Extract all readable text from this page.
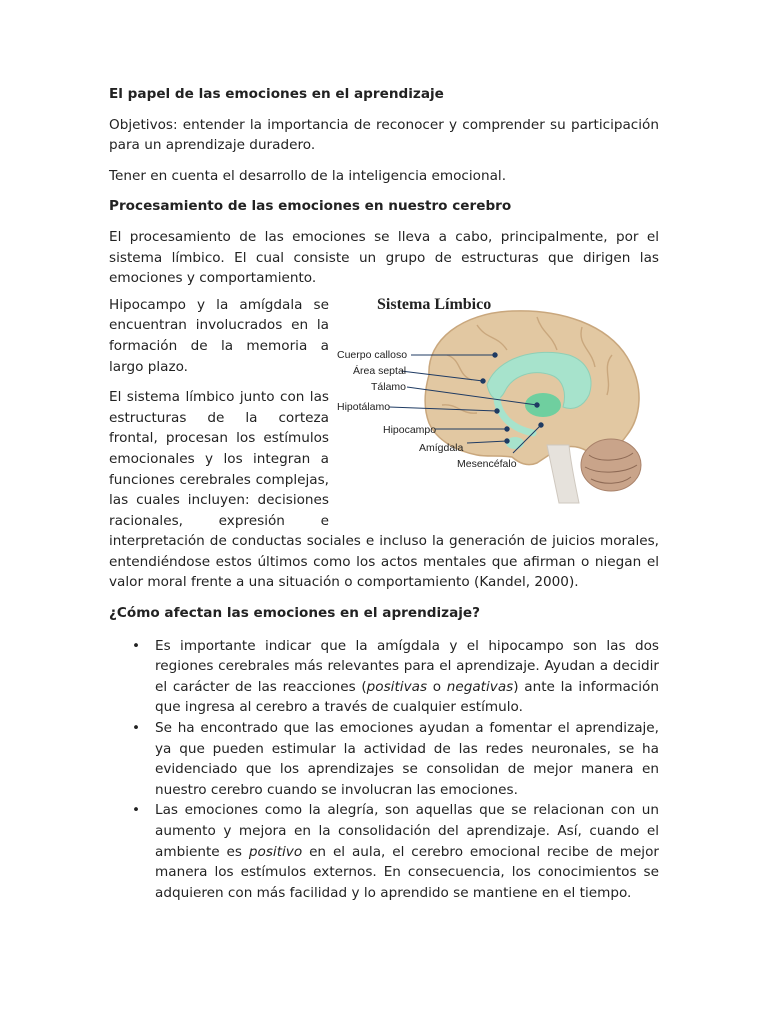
El papel de las emociones en el aprendizaje

Objetivos: entender la importancia de reconocer y comprender su participación para un aprendizaje duradero.

Tener en cuenta el desarrollo de la inteligencia emocional.

Procesamiento de las emociones en nuestro cerebro

El procesamiento de las emociones se lleva a cabo, principalmente, por el sistema límbico. El cual consiste un grupo de estructuras que dirigen las emociones y comportamiento.

Sistema Límbico
Cuerpo calloso
Área septal
Tálamo
Hipotálamo
Hipocampo
Amígdala
Mesencéfalo

Hipocampo y la amígdala se encuentran involucrados en la formación de la memoria a largo plazo.

El sistema límbico junto con las estructuras de la corteza frontal, procesan los estímulos emocionales y los integran a funciones cerebrales complejas, las cuales incluyen: decisiones racionales, expresión e interpretación de conductas sociales e incluso la generación de juicios morales, entendiéndose estos últimos como los actos mentales que afirman o niegan el valor moral frente a una situación o comportamiento (Kandel, 2000).

¿Cómo afectan las emociones en el aprendizaje?

• Es importante indicar que la amígdala y el hipocampo son las dos regiones cerebrales más relevantes para el aprendizaje. Ayudan a decidir el carácter de las reacciones (positivas o negativas) ante la información que ingresa al cerebro a través de cualquier estímulo.
• Se ha encontrado que las emociones ayudan a fomentar el aprendizaje, ya que pueden estimular la actividad de las redes neuronales, se ha evidenciado que los aprendizajes se consolidan de mejor manera en nuestro cerebro cuando se involucran las emociones.
• Las emociones como la alegría, son aquellas que se relacionan con un aumento y mejora en la consolidación del aprendizaje. Así, cuando el ambiente es positivo en el aula, el cerebro emocional recibe de mejor manera los estímulos externos. En consecuencia, los conocimientos se adquieren con más facilidad y lo aprendido se mantiene en el tiempo.
